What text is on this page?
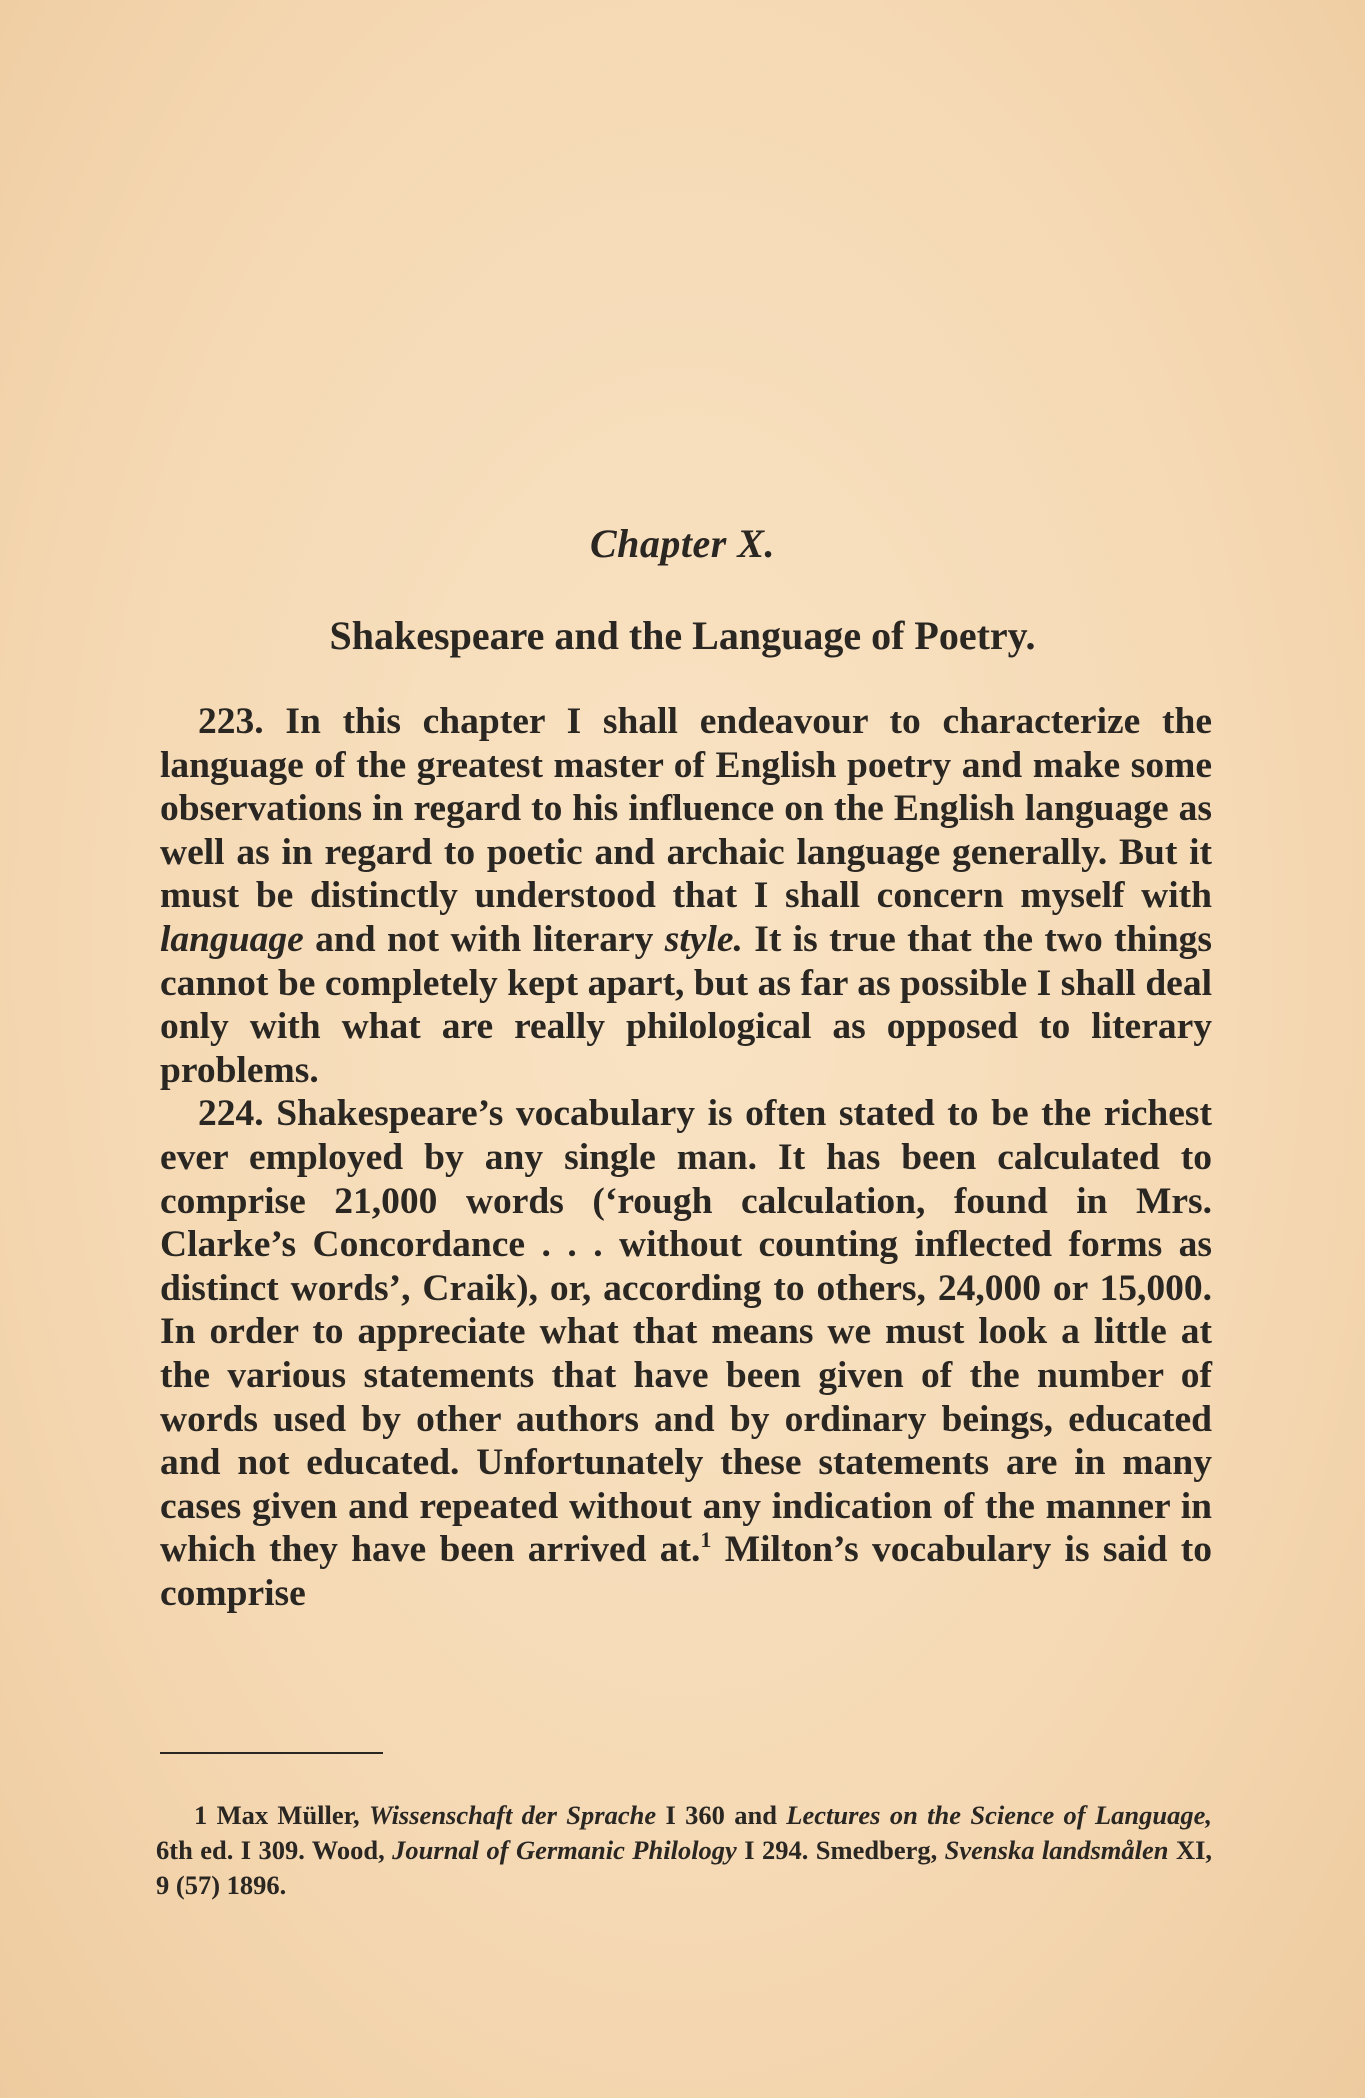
Chapter X.
Shakespeare and the Language of Poetry.

223. In this chapter I shall endeavour to characterize the language of the greatest master of English poetry and make some observations in regard to his influence on the English language as well as in regard to poetic and archaic language generally. But it must be distinctly understood that I shall concern myself with language and not with literary style. It is true that the two things cannot be completely kept apart, but as far as possible I shall deal only with what are really philological as opposed to literary problems.

224. Shakespeare’s vocabulary is often stated to be the richest ever employed by any single man. It has been calculated to comprise 21,000 words (‘rough calculation, found in Mrs. Clarke’s Concordance . . . without counting inflected forms as distinct words’, Craik), or, according to others, 24,000 or 15,000. In order to appreciate what that means we must look a little at the various statements that have been given of the number of words used by other authors and by ordinary beings, educated and not educated. Unfortunately these statements are in many cases given and repeated without any indication of the manner in which they have been arrived at.$^1$ Milton’s vocabulary is said to comprise

1 Max Müller, Wissenschaft der Sprache I 360 and Lectures on the Science of Language, 6th ed. I 309. Wood, Journal of Germanic Philology I 294. Smedberg, Svenska landsmålen XI, 9 (57) 1896.
